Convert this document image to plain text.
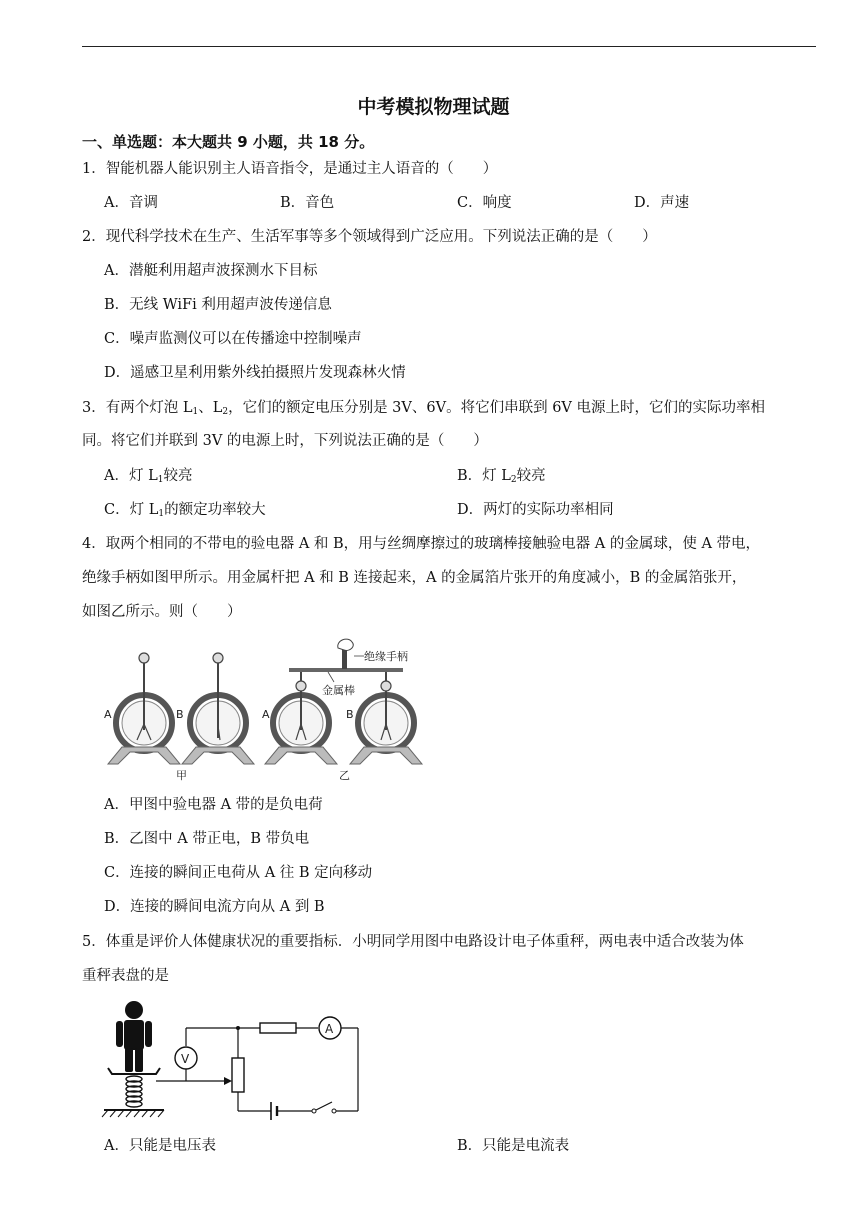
中考模拟物理试题
一、单选题：本大题共 9 小题，共 18 分。
1．智能机器人能识别主人语音指令，是通过主人语音的（　　）
A．音调	B．音色	C．响度	D．声速
2．现代科学技术在生产、生活军事等多个领域得到广泛应用。下列说法正确的是（　　）
A．潜艇利用超声波探测水下目标
B．无线 WiFi 利用超声波传递信息
C．噪声监测仪可以在传播途中控制噪声
D．遥感卫星利用紫外线拍摄照片发现森林火情
3．有两个灯泡 $L_1$、$L_2$，它们的额定电压分别是 3V、6V。将它们串联到 6V 电源上时，它们的实际功率相
同。将它们并联到 3V 的电源上时，下列说法正确的是（　　）
A．灯 $L_1$较亮	B．灯 $L_2$较亮
C．灯 $L_1$的额定功率较大	D．两灯的实际功率相同
4．取两个相同的不带电的验电器 A 和 B，用与丝绸摩擦过的玻璃棒接触验电器 A 的金属球，使 A 带电，
绝缘手柄如图甲所示。用金属杆把 A 和 B 连接起来，A 的金属箔片张开的角度减小，B 的金属箔张开，
如图乙所示。则（　　）
A	B
甲
绝缘手柄
金属棒
A	B
乙
A．甲图中验电器 A 带的是负电荷
B．乙图中 A 带正电，B 带负电
C．连接的瞬间正电荷从 A 往 B 定向移动
D．连接的瞬间电流方向从 A 到 B
5．体重是评价人体健康状况的重要指标．小明同学用图中电路设计电子体重秤，两电表中适合改装为体
重秤表盘的是
V
A
A．只能是电压表	B．只能是电流表
